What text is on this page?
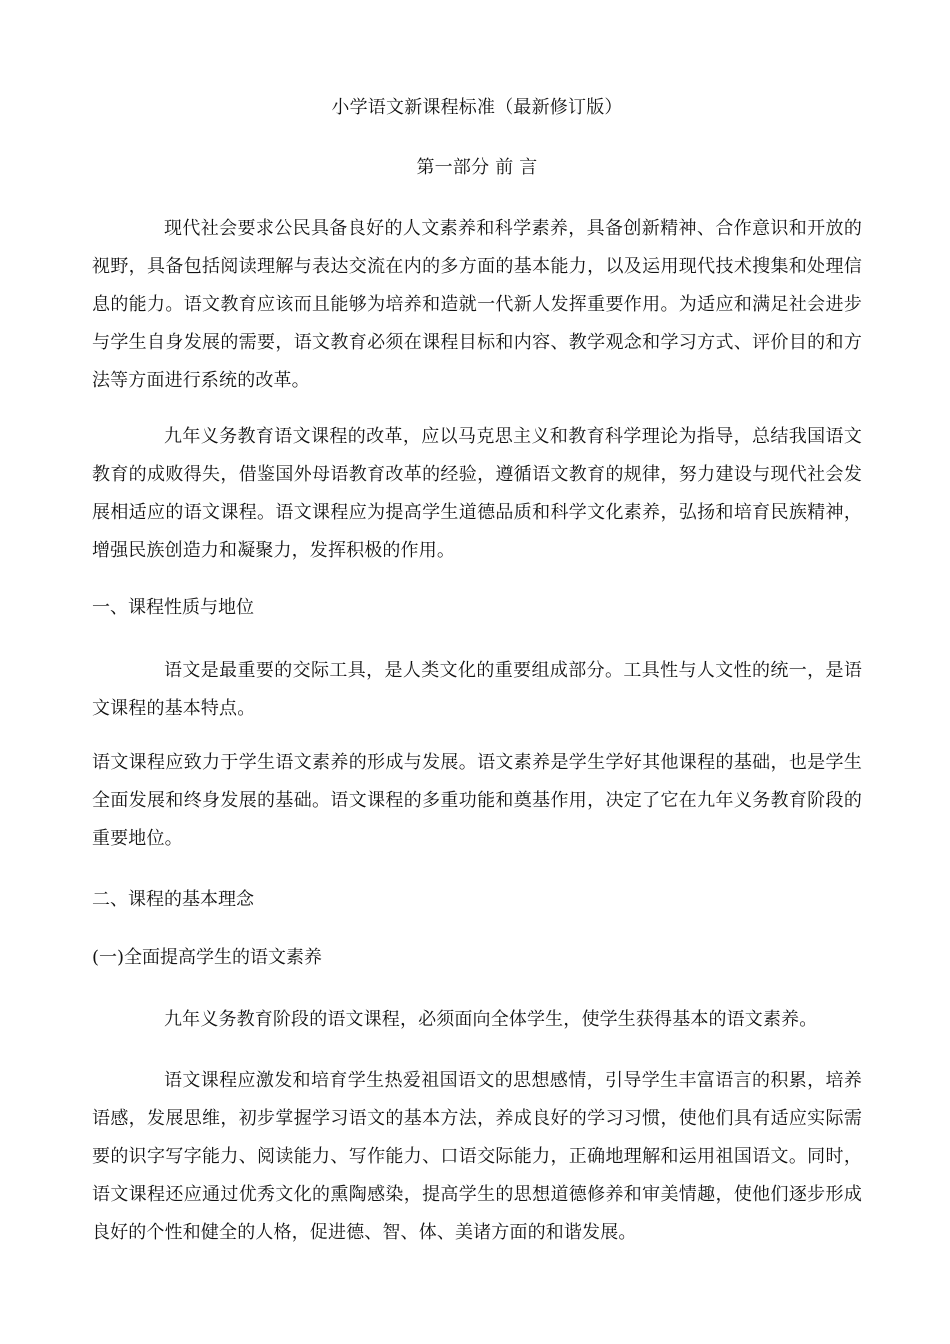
小学语文新课程标准（最新修订版）
第一部分 前 言

现代社会要求公民具备良好的人文素养和科学素养，具备创新精神、合作意识和开放的视野，具备包括阅读理解与表达交流在内的多方面的基本能力，以及运用现代技术搜集和处理信息的能力。语文教育应该而且能够为培养和造就一代新人发挥重要作用。为适应和满足社会进步与学生自身发展的需要，语文教育必须在课程目标和内容、教学观念和学习方式、评价目的和方法等方面进行系统的改革。

九年义务教育语文课程的改革，应以马克思主义和教育科学理论为指导，总结我国语文教育的成败得失，借鉴国外母语教育改革的经验，遵循语文教育的规律，努力建设与现代社会发展相适应的语文课程。语文课程应为提高学生道德品质和科学文化素养，弘扬和培育民族精神，增强民族创造力和凝聚力，发挥积极的作用。

一、课程性质与地位

语文是最重要的交际工具，是人类文化的重要组成部分。工具性与人文性的统一，是语文课程的基本特点。

语文课程应致力于学生语文素养的形成与发展。语文素养是学生学好其他课程的基础，也是学生全面发展和终身发展的基础。语文课程的多重功能和奠基作用，决定了它在九年义务教育阶段的重要地位。

二、课程的基本理念
(一)全面提高学生的语文素养

九年义务教育阶段的语文课程，必须面向全体学生，使学生获得基本的语文素养。

语文课程应激发和培育学生热爱祖国语文的思想感情，引导学生丰富语言的积累，培养语感，发展思维，初步掌握学习语文的基本方法，养成良好的学习习惯，使他们具有适应实际需要的识字写字能力、阅读能力、写作能力、口语交际能力，正确地理解和运用祖国语文。同时，语文课程还应通过优秀文化的熏陶感染，提高学生的思想道德修养和审美情趣，使他们逐步形成良好的个性和健全的人格，促进德、智、体、美诸方面的和谐发展。
